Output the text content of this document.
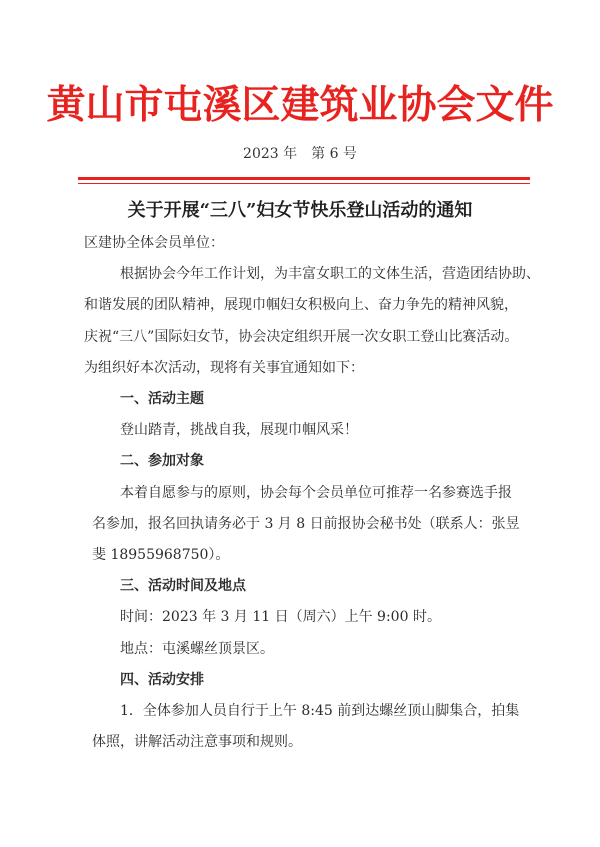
黄山市屯溪区建筑业协会文件
2023 年　第 6 号
关于开展“三八”妇女节快乐登山活动的通知
区建协全体会员单位：
根据协会今年工作计划，为丰富女职工的文体生活，营造团结协助、
和谐发展的团队精神，展现巾帼妇女积极向上、奋力争先的精神风貌，
庆祝“三八”国际妇女节，协会决定组织开展一次女职工登山比赛活动。
为组织好本次活动，现将有关事宜通知如下：
一、活动主题
登山踏青，挑战自我，展现巾帼风采！
二、参加对象
本着自愿参与的原则，协会每个会员单位可推荐一名参赛选手报
名参加，报名回执请务必于 3 月 8 日前报协会秘书处（联系人：张昱
斐 18955968750）。
三、活动时间及地点
时间：2023 年 3 月 11 日（周六）上午 9:00 时。
地点：屯溪螺丝顶景区。
四、活动安排
1．全体参加人员自行于上午 8:45 前到达螺丝顶山脚集合，拍集
体照，讲解活动注意事项和规则。
